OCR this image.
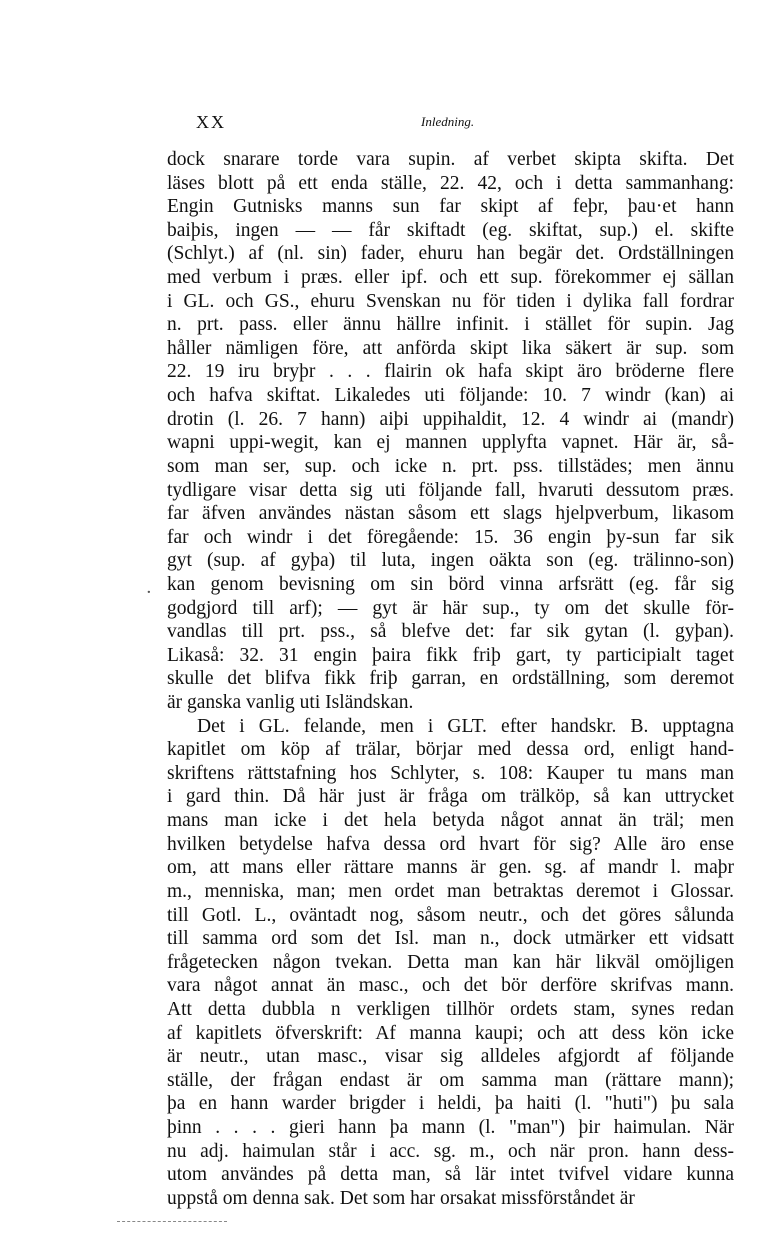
XX	Inledning.
·
dock snarare torde vara supin. af verbet skipta skifta. Det
läses blott på ett enda ställe, 22. 42, och i detta sammanhang:
Engin Gutnisks manns sun far skipt af feþr, þau·et hann
baiþis, ingen — — får skiftadt (eg. skiftat, sup.) el. skifte
(Schlyt.) af (nl. sin) fader, ehuru han begär det. Ordställningen
med verbum i præs. eller ipf. och ett sup. förekommer ej sällan
i GL. och GS., ehuru Svenskan nu för tiden i dylika fall fordrar
n. prt. pass. eller ännu hällre infinit. i stället för supin. Jag
håller nämligen före, att anförda skipt lika säkert är sup. som
22. 19 iru bryþr . . . flairin ok hafa skipt äro bröderne flere
och hafva skiftat. Likaledes uti följande: 10. 7 windr (kan) ai
drotin (l. 26. 7 hann) aiþi uppihaldit, 12. 4 windr ai (mandr)
wapni uppi-wegit, kan ej mannen upplyfta vapnet. Här är, så-
som man ser, sup. och icke n. prt. pss. tillstädes; men ännu
tydligare visar detta sig uti följande fall, hvaruti dessutom præs.
far äfven användes nästan såsom ett slags hjelpverbum, likasom
far och windr i det föregående: 15. 36 engin þy-sun far sik
gyt (sup. af gyþa) til luta, ingen oäkta son (eg. trälinno-son)
kan genom bevisning om sin börd vinna arfsrätt (eg. får sig
godgjord till arf); — gyt är här sup., ty om det skulle för-
vandlas till prt. pss., så blefve det: far sik gytan (l. gyþan).
Likaså: 32. 31 engin þaira fikk friþ gart, ty participialt taget
skulle det blifva fikk friþ garran, en ordställning, som deremot
är ganska vanlig uti Isländskan.
Det i GL. felande, men i GLT. efter handskr. B. upptagna
kapitlet om köp af trälar, börjar med dessa ord, enligt hand-
skriftens rättstafning hos Schlyter, s. 108: Kauper tu mans man
i gard thin. Då här just är fråga om trälköp, så kan uttrycket
mans man icke i det hela betyda något annat än träl; men
hvilken betydelse hafva dessa ord hvart för sig? Alle äro ense
om, att mans eller rättare manns är gen. sg. af mandr l. maþr
m., menniska, man; men ordet man betraktas deremot i Glossar.
till Gotl. L., oväntadt nog, såsom neutr., och det göres sålunda
till samma ord som det Isl. man n., dock utmärker ett vidsatt
frågetecken någon tvekan. Detta man kan här likväl omöjligen
vara något annat än masc., och det bör derföre skrifvas mann.
Att detta dubbla n verkligen tillhör ordets stam, synes redan
af kapitlets öfverskrift: Af manna kaupi; och att dess kön icke
är neutr., utan masc., visar sig alldeles afgjordt af följande
ställe, der frågan endast är om samma man (rättare mann);
þa en hann warder brigder i heldi, þa haiti (l. "huti") þu sala
þinn . . . . gieri hann þa mann (l. "man") þir haimulan. När
nu adj. haimulan står i acc. sg. m., och när pron. hann dess-
utom användes på detta man, så lär intet tvifvel vidare kunna
uppstå om denna sak. Det som har orsakat missförståndet är
